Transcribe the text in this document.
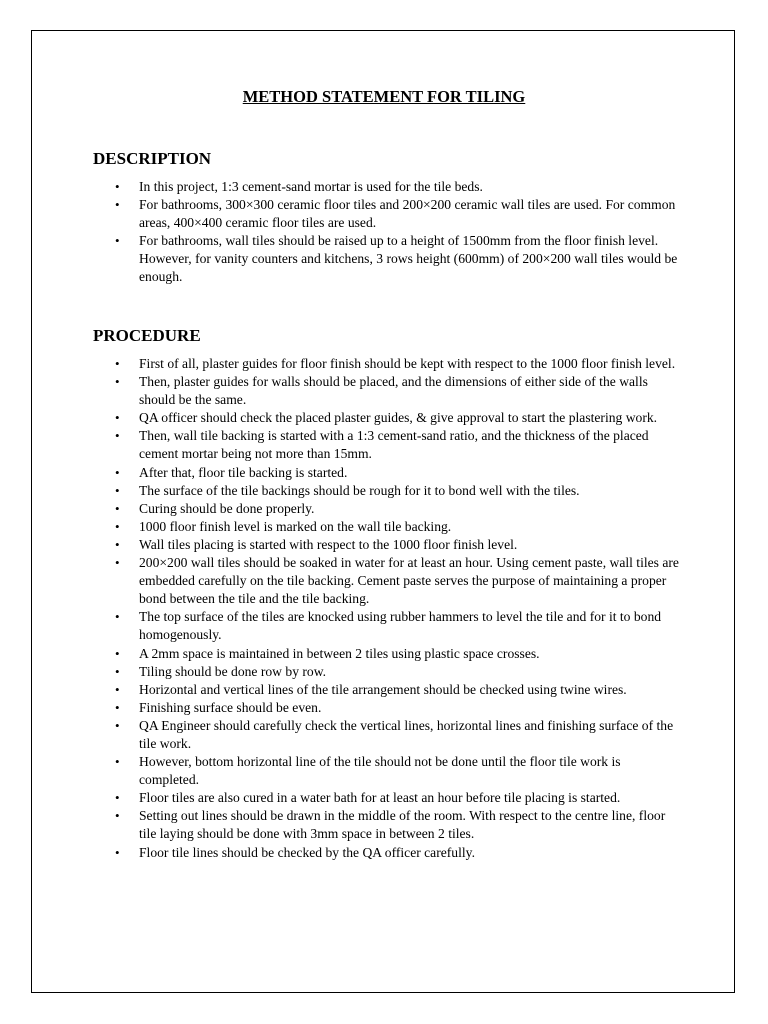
METHOD STATEMENT FOR TILING
DESCRIPTION
• In this project, 1:3 cement-sand mortar is used for the tile beds.
• For bathrooms, 300×300 ceramic floor tiles and 200×200 ceramic wall tiles are used. For common areas, 400×400 ceramic floor tiles are used.
• For bathrooms, wall tiles should be raised up to a height of 1500mm from the floor finish level. However, for vanity counters and kitchens, 3 rows height (600mm) of 200×200 wall tiles would be enough.
PROCEDURE
• First of all, plaster guides for floor finish should be kept with respect to the 1000 floor finish level.
• Then, plaster guides for walls should be placed, and the dimensions of either side of the walls should be the same.
• QA officer should check the placed plaster guides, & give approval to start the plastering work.
• Then, wall tile backing is started with a 1:3 cement-sand ratio, and the thickness of the placed cement mortar being not more than 15mm.
• After that, floor tile backing is started.
• The surface of the tile backings should be rough for it to bond well with the tiles.
• Curing should be done properly.
• 1000 floor finish level is marked on the wall tile backing.
• Wall tiles placing is started with respect to the 1000 floor finish level.
• 200×200 wall tiles should be soaked in water for at least an hour. Using cement paste, wall tiles are embedded carefully on the tile backing. Cement paste serves the purpose of maintaining a proper bond between the tile and the tile backing.
• The top surface of the tiles are knocked using rubber hammers to level the tile and for it to bond homogenously.
• A 2mm space is maintained in between 2 tiles using plastic space crosses.
• Tiling should be done row by row.
• Horizontal and vertical lines of the tile arrangement should be checked using twine wires.
• Finishing surface should be even.
• QA Engineer should carefully check the vertical lines, horizontal lines and finishing surface of the tile work.
• However, bottom horizontal line of the tile should not be done until the floor tile work is completed.
• Floor tiles are also cured in a water bath for at least an hour before tile placing is started.
• Setting out lines should be drawn in the middle of the room. With respect to the centre line, floor tile laying should be done with 3mm space in between 2 tiles.
• Floor tile lines should be checked by the QA officer carefully.
